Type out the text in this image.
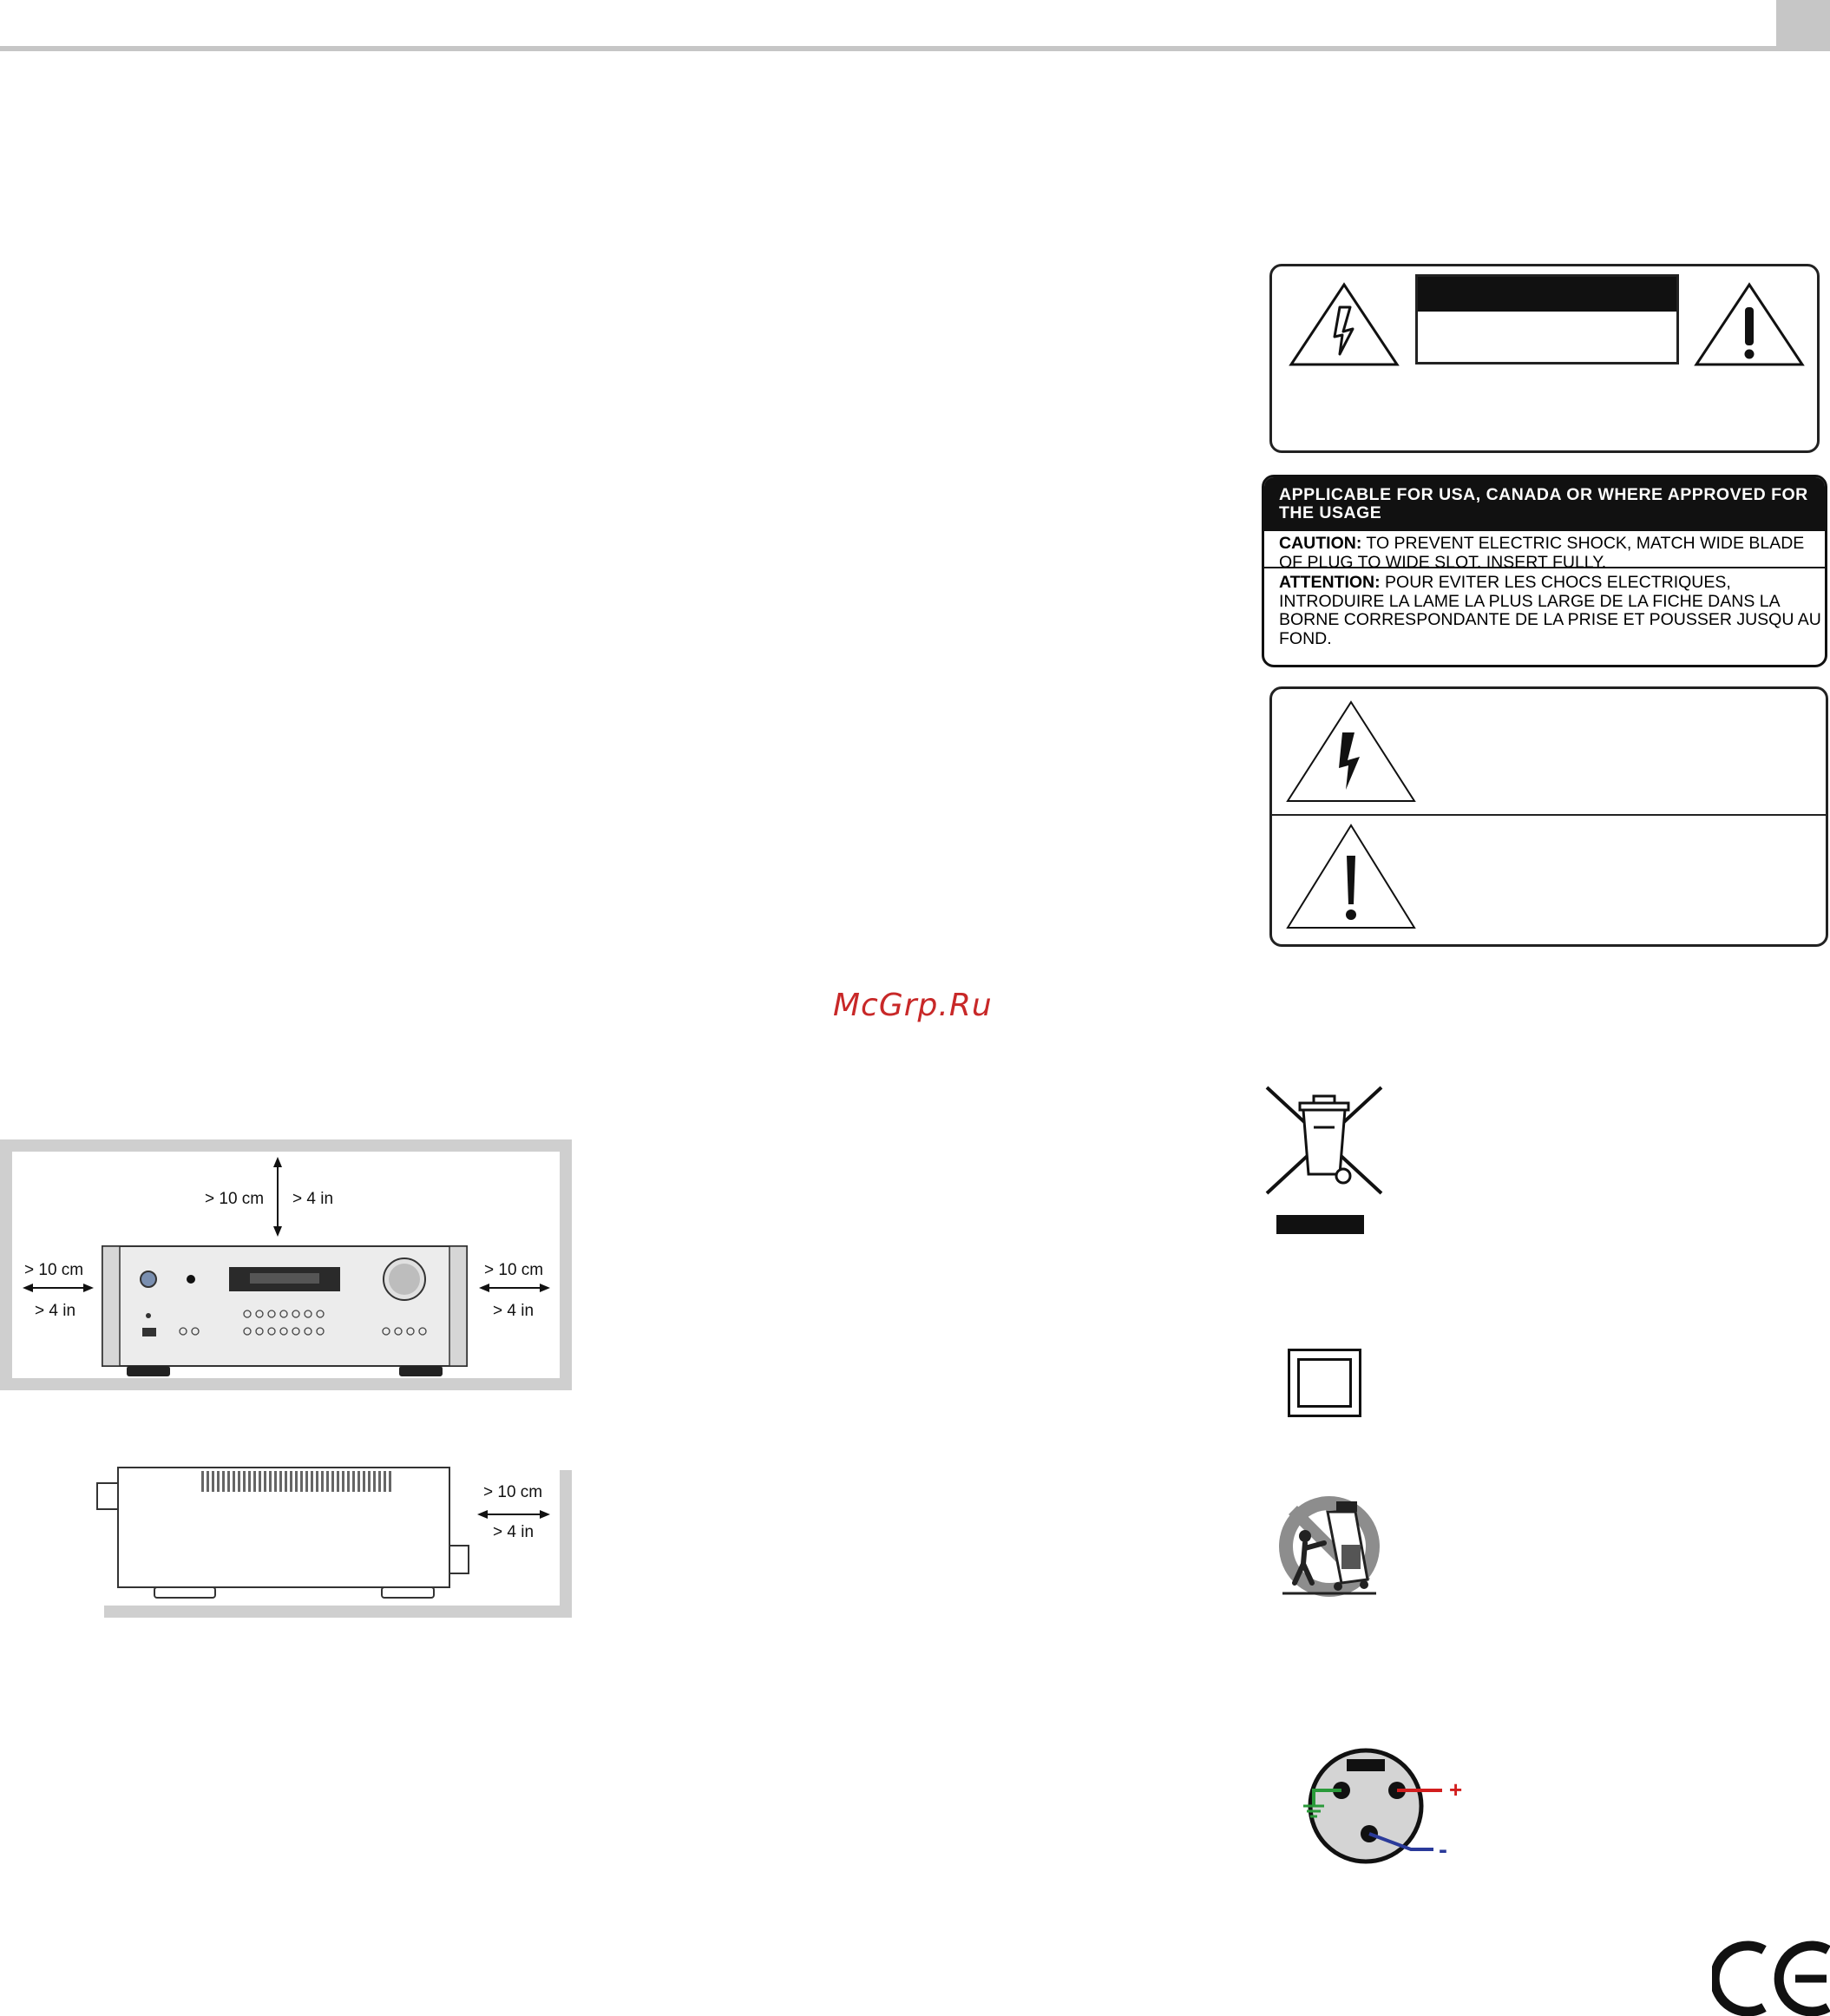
APPLICABLE FOR USA, CANADA OR WHERE APPROVED FOR THE USAGE
CAUTION: TO PREVENT ELECTRIC SHOCK, MATCH WIDE BLADE OF PLUG TO WIDE SLOT. INSERT FULLY.
ATTENTION: POUR EVITER LES CHOCS ELECTRIQUES, INTRODUIRE LA LAME LA PLUS LARGE DE LA FICHE DANS LA BORNE CORRESPONDANTE DE LA PRISE ET POUSSER JUSQU AU FOND.
McGrp.Ru
> 10 cm > 4 in
> 10 cm
> 4 in
> 10 cm
> 4 in
> 10 cm
> 4 in
+
-
